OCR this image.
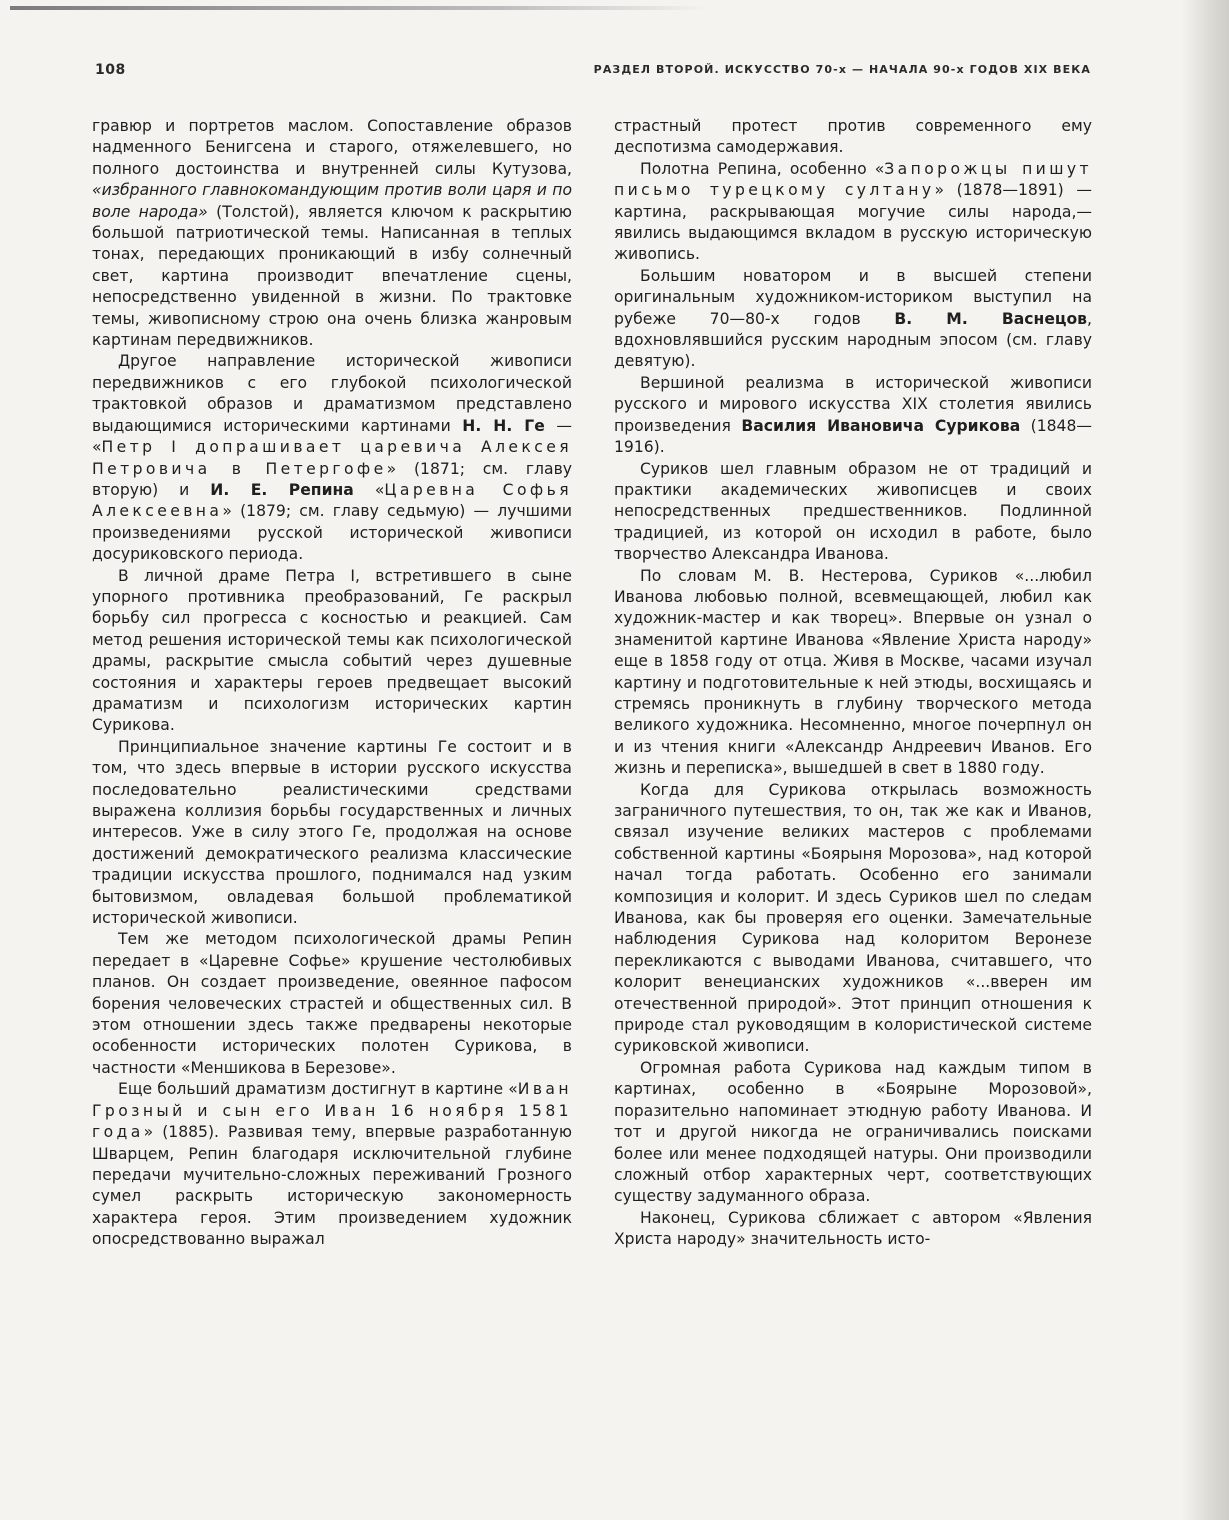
108	РАЗДЕЛ ВТОРОЙ. ИСКУССТВО 70-х — НАЧАЛА 90-х ГОДОВ XIX ВЕКА

гравюр и портретов маслом. Сопоставление образов надменного Бенигсена и старого, отяжелевшего, но полного достоинства и внутренней силы Кутузова, «избранного главнокомандующим против воли царя и по воле народа» (Толстой), является ключом к раскрытию большой патриотической темы. Написанная в теплых тонах, передающих проникающий в избу солнечный свет, картина производит впечатление сцены, непосредственно увиденной в жизни. По трактовке темы, живописному строю она очень близка жанровым картинам передвижников.

Другое направление исторической живописи передвижников с его глубокой психологической трактовкой образов и драматизмом представлено выдающимися историческими картинами Н. Н. Ге — «Петр I допрашивает царевича Алексея Петровича в Петергофе» (1871; см. главу вторую) и И. Е. Репина «Царевна Софья Алексеевна» (1879; см. главу седьмую) — лучшими произведениями русской исторической живописи досуриковского периода.

В личной драме Петра I, встретившего в сыне упорного противника преобразований, Ге раскрыл борьбу сил прогресса с косностью и реакцией. Сам метод решения исторической темы как психологической драмы, раскрытие смысла событий через душевные состояния и характеры героев предвещает высокий драматизм и психологизм исторических картин Сурикова.

Принципиальное значение картины Ге состоит и в том, что здесь впервые в истории русского искусства последовательно реалистическими средствами выражена коллизия борьбы государственных и личных интересов. Уже в силу этого Ге, продолжая на основе достижений демократического реализма классические традиции искусства прошлого, поднимался над узким бытовизмом, овладевая большой проблематикой исторической живописи.

Тем же методом психологической драмы Репин передает в «Царевне Софье» крушение честолюбивых планов. Он создает произведение, овеянное пафосом борения человеческих страстей и общественных сил. В этом отношении здесь также предварены некоторые особенности исторических полотен Сурикова, в частности «Меншикова в Березове».

Еще больший драматизм достигнут в картине «Иван Грозный и сын его Иван 16 ноября 1581 года» (1885). Развивая тему, впервые разработанную Шварцем, Репин благодаря исключительной глубине передачи мучительно-сложных переживаний Грозного сумел раскрыть историческую закономерность характера героя. Этим произведением художник опосредствованно выражал

страстный протест против современного ему деспотизма самодержавия.

Полотна Репина, особенно «Запорожцы пишут письмо турецкому султану» (1878—1891) — картина, раскрывающая могучие силы народа,— явились выдающимся вкладом в русскую историческую живопись.

Большим новатором и в высшей степени оригинальным художником-историком выступил на рубеже 70—80-х годов В. М. Васнецов, вдохновлявшийся русским народным эпосом (см. главу девятую).

Вершиной реализма в исторической живописи русского и мирового искусства XIX столетия явились произведения Василия Ивановича Сурикова (1848—1916).

Суриков шел главным образом не от традиций и практики академических живописцев и своих непосредственных предшественников. Подлинной традицией, из которой он исходил в работе, было творчество Александра Иванова.

По словам М. В. Нестерова, Суриков «...любил Иванова любовью полной, всевмещающей, любил как художник-мастер и как творец». Впервые он узнал о знаменитой картине Иванова «Явление Христа народу» еще в 1858 году от отца. Живя в Москве, часами изучал картину и подготовительные к ней этюды, восхищаясь и стремясь проникнуть в глубину творческого метода великого художника. Несомненно, многое почерпнул он и из чтения книги «Александр Андреевич Иванов. Его жизнь и переписка», вышедшей в свет в 1880 году.

Когда для Сурикова открылась возможность заграничного путешествия, то он, так же как и Иванов, связал изучение великих мастеров с проблемами собственной картины «Боярыня Морозова», над которой начал тогда работать. Особенно его занимали композиция и колорит. И здесь Суриков шел по следам Иванова, как бы проверяя его оценки. Замечательные наблюдения Сурикова над колоритом Веронезе перекликаются с выводами Иванова, считавшего, что колорит венецианских художников «...вверен им отечественной природой». Этот принцип отношения к природе стал руководящим в колористической системе суриковской живописи.

Огромная работа Сурикова над каждым типом в картинах, особенно в «Боярыне Морозовой», поразительно напоминает этюдную работу Иванова. И тот и другой никогда не ограничивались поисками более или менее подходящей натуры. Они производили сложный отбор характерных черт, соответствующих существу задуманного образа.

Наконец, Сурикова сближает с автором «Явления Христа народу» значительность исто-
